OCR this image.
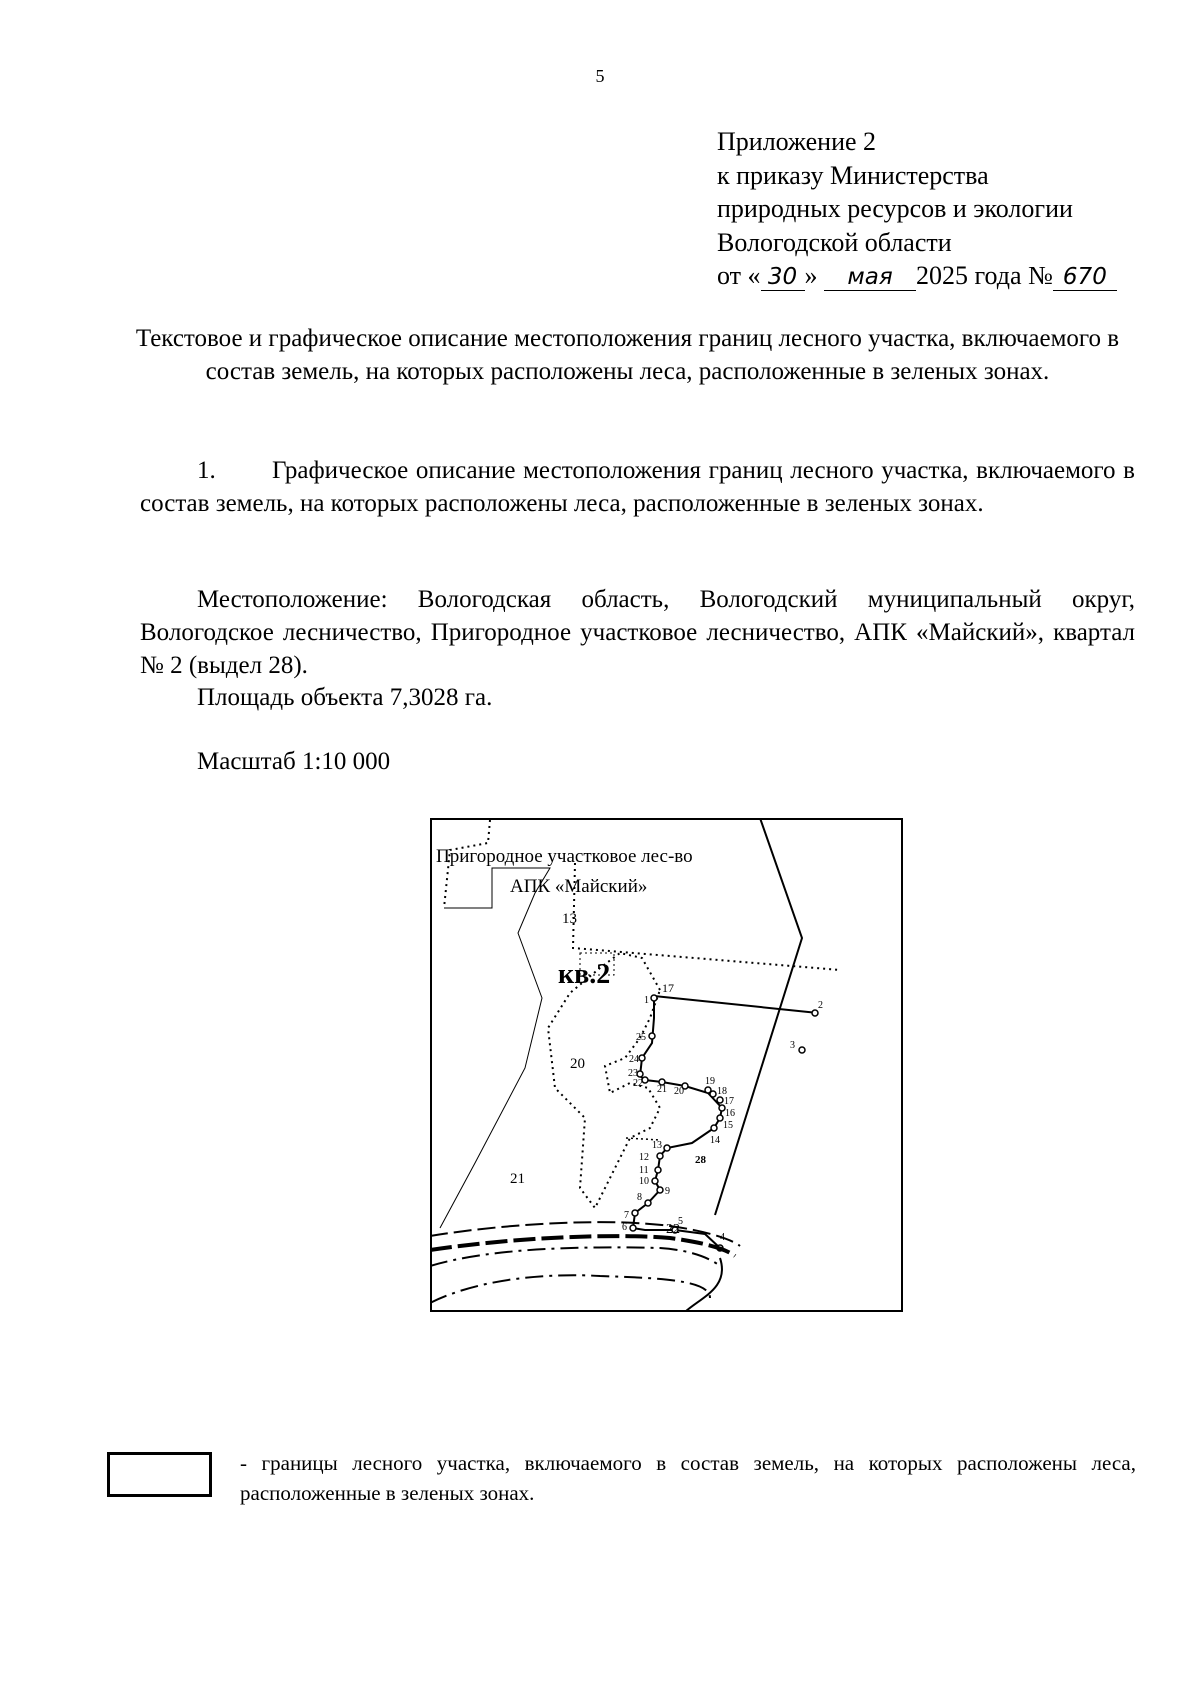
5
Приложение 2
к приказу Министерства
природных ресурсов и экологии
Вологодской области
от « 30 » мая 2025 года № 670
Текстовое и графическое описание местоположения границ лесного участка, включаемого в состав земель, на которых расположены леса, расположенные в зеленых зонах.
1. Графическое описание местоположения границ лесного участка, включаемого в состав земель, на которых расположены леса, расположенные в зеленых зонах.
Местоположение: Вологодская область, Вологодский муниципальный округ, Вологодское лесничество, Пригородное участковое лесничество, АПК «Майский», квартал № 2 (выдел 28).
Площадь объекта 7,3028 га.
Масштаб 1:10 000
Пригородное участковое лес-во
АПК «Майский»
кв.2
13
17
20
21
28
22
1	2
3
4
5
6
7
8
9
10
11
12
13	14
15
16
17
18
19
20
21
22
23
24
25
- границы лесного участка, включаемого в состав земель, на которых расположены леса, расположенные в зеленых зонах.
